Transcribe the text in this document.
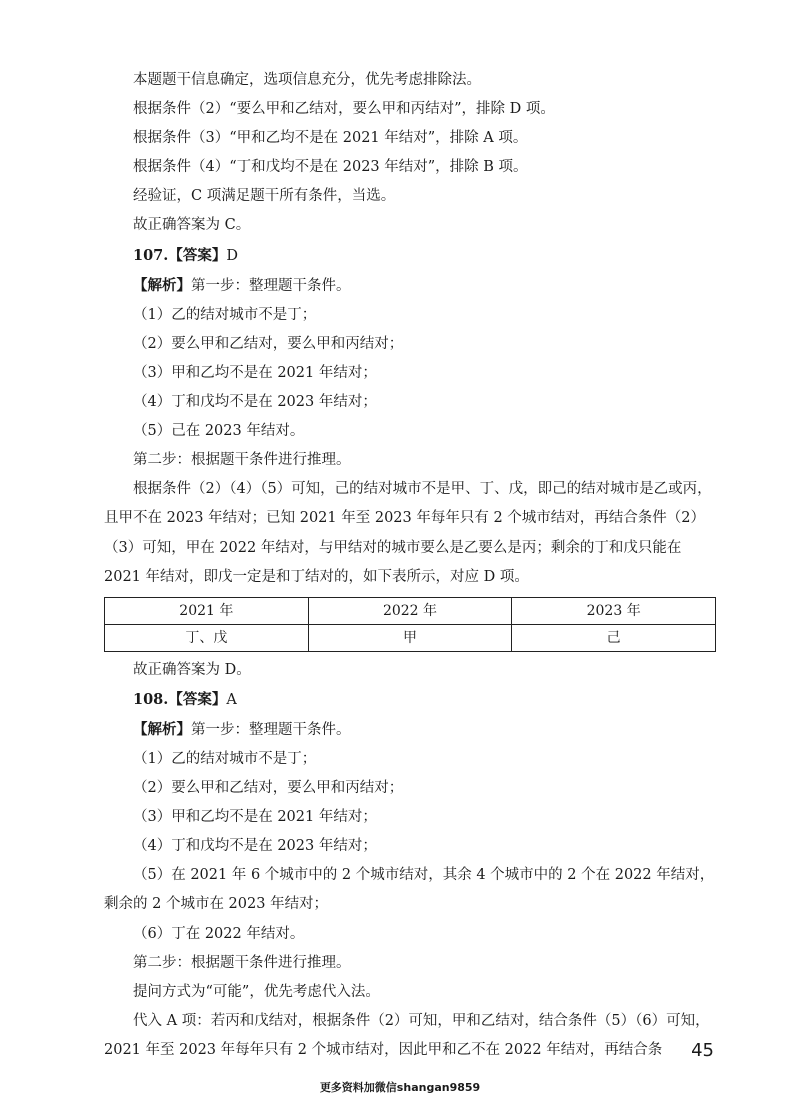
本题题干信息确定，选项信息充分，优先考虑排除法。

根据条件（2）“要么甲和乙结对，要么甲和丙结对”，排除 D 项。

根据条件（3）“甲和乙均不是在 2021 年结对”，排除 A 项。

根据条件（4）“丁和戊均不是在 2023 年结对”，排除 B 项。

经验证，C 项满足题干所有条件，当选。

故正确答案为 C。

107.【答案】D

【解析】第一步：整理题干条件。

（1）乙的结对城市不是丁；

（2）要么甲和乙结对，要么甲和丙结对；

（3）甲和乙均不是在 2021 年结对；

（4）丁和戊均不是在 2023 年结对；

（5）己在 2023 年结对。

第二步：根据题干条件进行推理。

根据条件（2）（4）（5）可知，己的结对城市不是甲、丁、戊，即己的结对城市是乙或丙，且甲不在 2023 年结对；已知 2021 年至 2023 年每年只有 2 个城市结对，再结合条件（2）（3）可知，甲在 2022 年结对，与甲结对的城市要么是乙要么是丙；剩余的丁和戊只能在 2021 年结对，即戊一定是和丁结对的，如下表所示，对应 D 项。

2021 年	2022 年	2023 年
丁、戊	甲	己

故正确答案为 D。

108.【答案】A

【解析】第一步：整理题干条件。

（1）乙的结对城市不是丁；

（2）要么甲和乙结对，要么甲和丙结对；

（3）甲和乙均不是在 2021 年结对；

（4）丁和戊均不是在 2023 年结对；

（5）在 2021 年 6 个城市中的 2 个城市结对，其余 4 个城市中的 2 个在 2022 年结对，剩余的 2 个城市在 2023 年结对；

（6）丁在 2022 年结对。

第二步：根据题干条件进行推理。

提问方式为“可能”，优先考虑代入法。

代入 A 项：若丙和戊结对，根据条件（2）可知，甲和乙结对，结合条件（5）（6）可知，2021 年至 2023 年每年只有 2 个城市结对，因此甲和乙不在 2022 年结对，再结合条	45
更多资料加微信shangan9859
